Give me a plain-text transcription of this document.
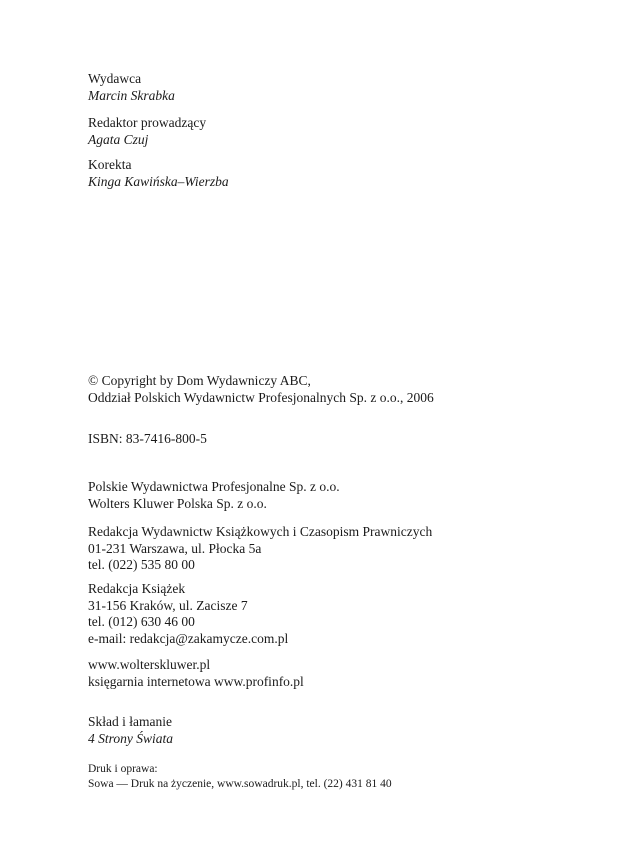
Wydawca
Marcin Skrabka
Redaktor prowadzący
Agata Czuj
Korekta
Kinga Kawińska–Wierzba
© Copyright by Dom Wydawniczy ABC,
Oddział Polskich Wydawnictw Profesjonalnych Sp. z o.o., 2006
ISBN: 83-7416-800-5
Polskie Wydawnictwa Profesjonalne Sp. z o.o.
Wolters Kluwer Polska Sp. z o.o.
Redakcja Wydawnictw Książkowych i Czasopism Prawniczych
01-231 Warszawa, ul. Płocka 5a
tel. (022) 535 80 00
Redakcja Książek
31-156 Kraków, ul. Zacisze 7
tel. (012) 630 46 00
e-mail: redakcja@zakamycze.com.pl
www.wolterskluwer.pl
księgarnia internetowa www.profinfo.pl
Skład i łamanie
4 Strony Świata
Druk i oprawa:
Sowa — Druk na życzenie, www.sowadruk.pl, tel. (22) 431 81 40
